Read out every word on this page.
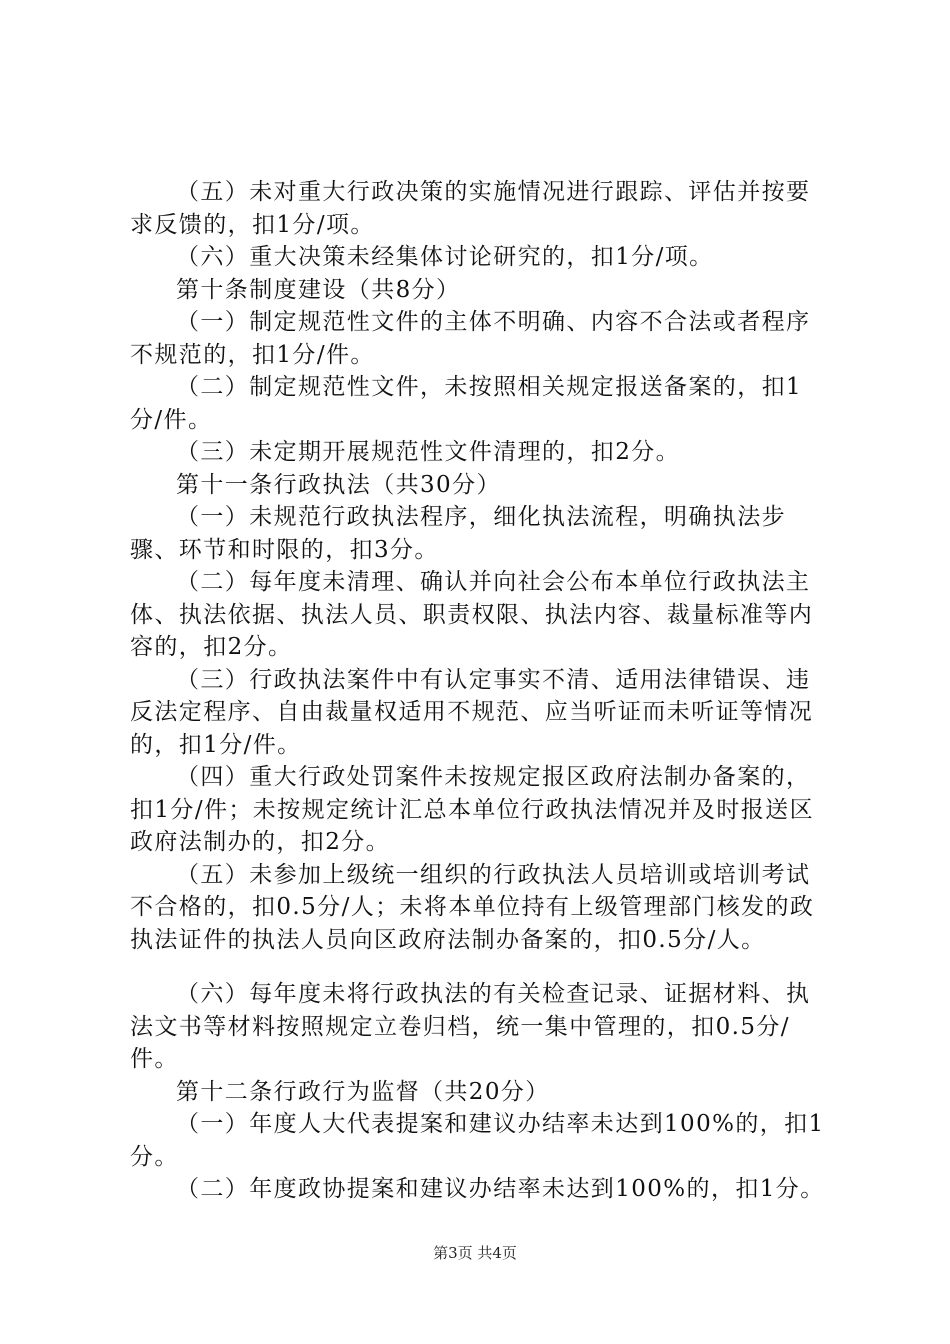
（五）未对重大行政决策的实施情况进行跟踪、评估并按要求反馈的，扣1分/项。

（六）重大决策未经集体讨论研究的，扣1分/项。

第十条制度建设（共8分）

（一）制定规范性文件的主体不明确、内容不合法或者程序不规范的，扣1分/件。

（二）制定规范性文件，未按照相关规定报送备案的，扣1分/件。

（三）未定期开展规范性文件清理的，扣2分。

第十一条行政执法（共30分）

（一）未规范行政执法程序，细化执法流程，明确执法步骤、环节和时限的，扣3分。

（二）每年度未清理、确认并向社会公布本单位行政执法主体、执法依据、执法人员、职责权限、执法内容、裁量标准等内容的，扣2分。

（三）行政执法案件中有认定事实不清、适用法律错误、违反法定程序、自由裁量权适用不规范、应当听证而未听证等情况的，扣1分/件。

（四）重大行政处罚案件未按规定报区政府法制办备案的，扣1分/件；未按规定统计汇总本单位行政执法情况并及时报送区政府法制办的，扣2分。

（五）未参加上级统一组织的行政执法人员培训或培训考试不合格的，扣0.5分/人；未将本单位持有上级管理部门核发的政执法证件的执法人员向区政府法制办备案的，扣0.5分/人。

（六）每年度未将行政执法的有关检查记录、证据材料、执法文书等材料按照规定立卷归档，统一集中管理的，扣0.5分/件。

第十二条行政行为监督（共20分）

（一）年度人大代表提案和建议办结率未达到100%的，扣1分。

（二）年度政协提案和建议办结率未达到100%的，扣1分。

第3页 共4页
